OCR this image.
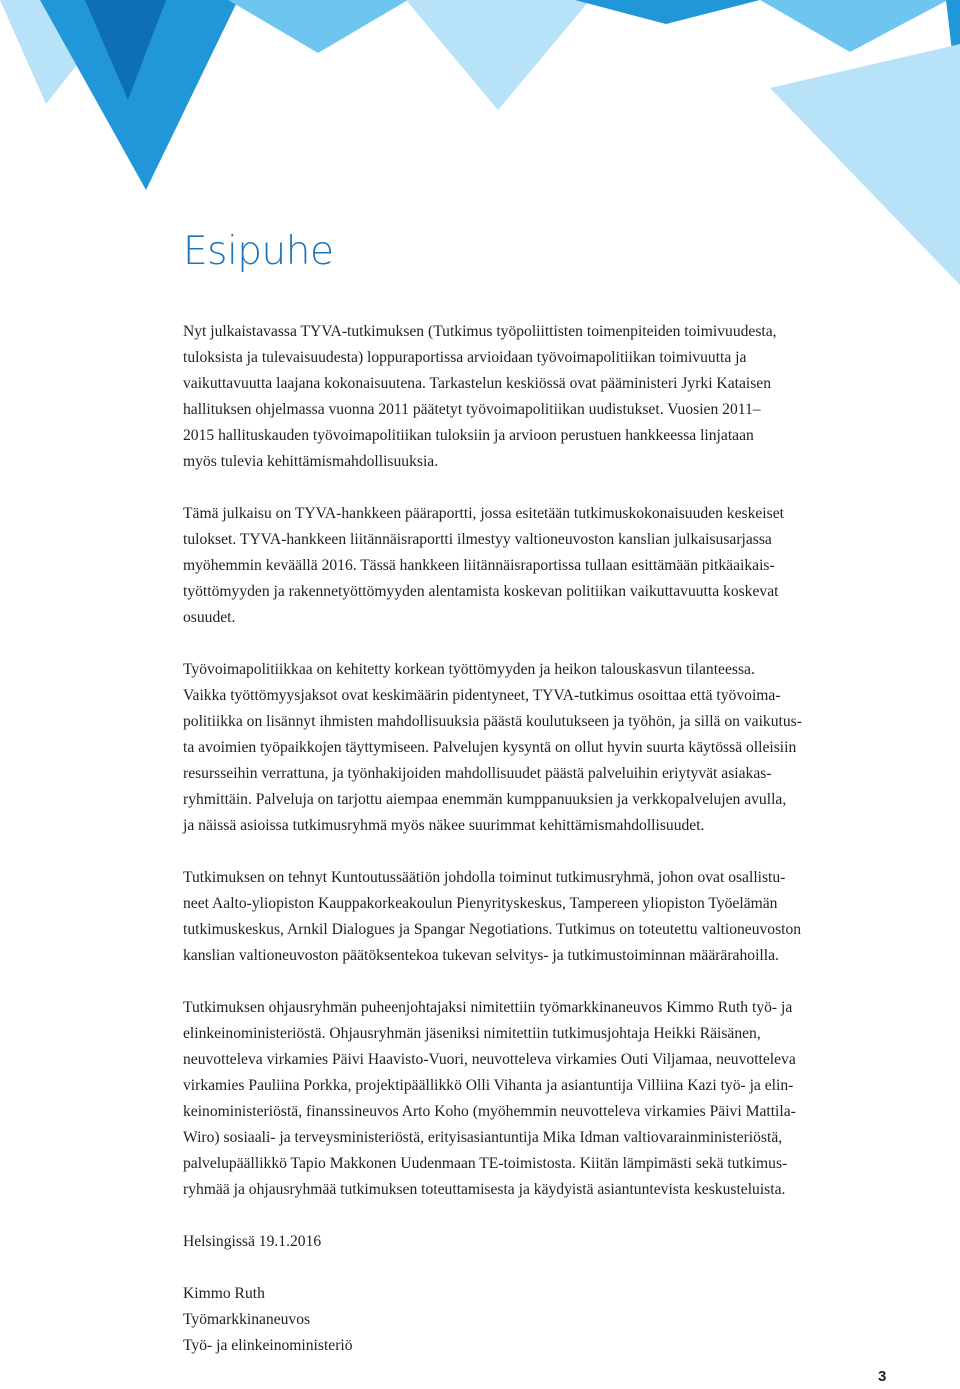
Esipuhe

Nyt julkaistavassa TYVA-tutkimuksen (Tutkimus työpoliittisten toimenpiteiden toimivuudesta,
tuloksista ja tulevaisuudesta) loppuraportissa arvioidaan työvoimapolitiikan toimivuutta ja
vaikuttavuutta laajana kokonaisuutena. Tarkastelun keskiössä ovat pääministeri Jyrki Kataisen
hallituksen ohjelmassa vuonna 2011 päätetyt työvoimapolitiikan uudistukset. Vuosien 2011–
2015 hallituskauden työvoimapolitiikan tuloksiin ja arvioon perustuen hankkeessa linjataan
myös tulevia kehittämismahdollisuuksia.

Tämä julkaisu on TYVA-hankkeen pääraportti, jossa esitetään tutkimuskokonaisuuden keskeiset
tulokset. TYVA-hankkeen liitännäisraportti ilmestyy valtioneuvoston kanslian julkaisusarjassa
myöhemmin keväällä 2016. Tässä hankkeen liitännäisraportissa tullaan esittämään pitkäaikais-
työttömyyden ja rakennetyöttömyyden alentamista koskevan politiikan vaikuttavuutta koskevat
osuudet.

Työvoimapolitiikkaa on kehitetty korkean työttömyyden ja heikon talouskasvun tilanteessa.
Vaikka työttömyysjaksot ovat keskimäärin pidentyneet, TYVA-tutkimus osoittaa että työvoima-
politiikka on lisännyt ihmisten mahdollisuuksia päästä koulutukseen ja työhön, ja sillä on vaikutus-
ta avoimien työpaikkojen täyttymiseen. Palvelujen kysyntä on ollut hyvin suurta käytössä olleisiin
resursseihin verrattuna, ja työnhakijoiden mahdollisuudet päästä palveluihin eriytyvät asiakas-
ryhmittäin. Palveluja on tarjottu aiempaa enemmän kumppanuuksien ja verkkopalvelujen avulla,
ja näissä asioissa tutkimusryhmä myös näkee suurimmat kehittämismahdollisuudet.

Tutkimuksen on tehnyt Kuntoutussäätiön johdolla toiminut tutkimusryhmä, johon ovat osallistu-
neet Aalto-yliopiston Kauppakorkeakoulun Pienyrityskeskus, Tampereen yliopiston Työelämän
tutkimuskeskus, Arnkil Dialogues ja Spangar Negotiations. Tutkimus on toteutettu valtioneuvoston
kanslian valtioneuvoston päätöksentekoa tukevan selvitys- ja tutkimustoiminnan määrärahoilla.

Tutkimuksen ohjausryhmän puheenjohtajaksi nimitettiin työmarkkinaneuvos Kimmo Ruth työ- ja
elinkeinoministeriöstä. Ohjausryhmän jäseniksi nimitettiin tutkimusjohtaja Heikki Räisänen,
neuvotteleva virkamies Päivi Haavisto-Vuori, neuvotteleva virkamies Outi Viljamaa, neuvotteleva
virkamies Pauliina Porkka, projektipäällikkö Olli Vihanta ja asiantuntija Villiina Kazi työ- ja elin-
keinoministeriöstä, finanssineuvos Arto Koho (myöhemmin neuvotteleva virkamies Päivi Mattila-
Wiro) sosiaali- ja terveysministeriöstä, erityisasiantuntija Mika Idman valtiovarainministeriöstä,
palvelupäällikkö Tapio Makkonen Uudenmaan TE-toimistosta. Kiitän lämpimästi sekä tutkimus-
ryhmää ja ohjausryhmää tutkimuksen toteuttamisesta ja käydyistä asiantuntevista keskusteluista.

Helsingissä 19.1.2016

Kimmo Ruth
Työmarkkinaneuvos
Työ- ja elinkeinoministeriö

3
